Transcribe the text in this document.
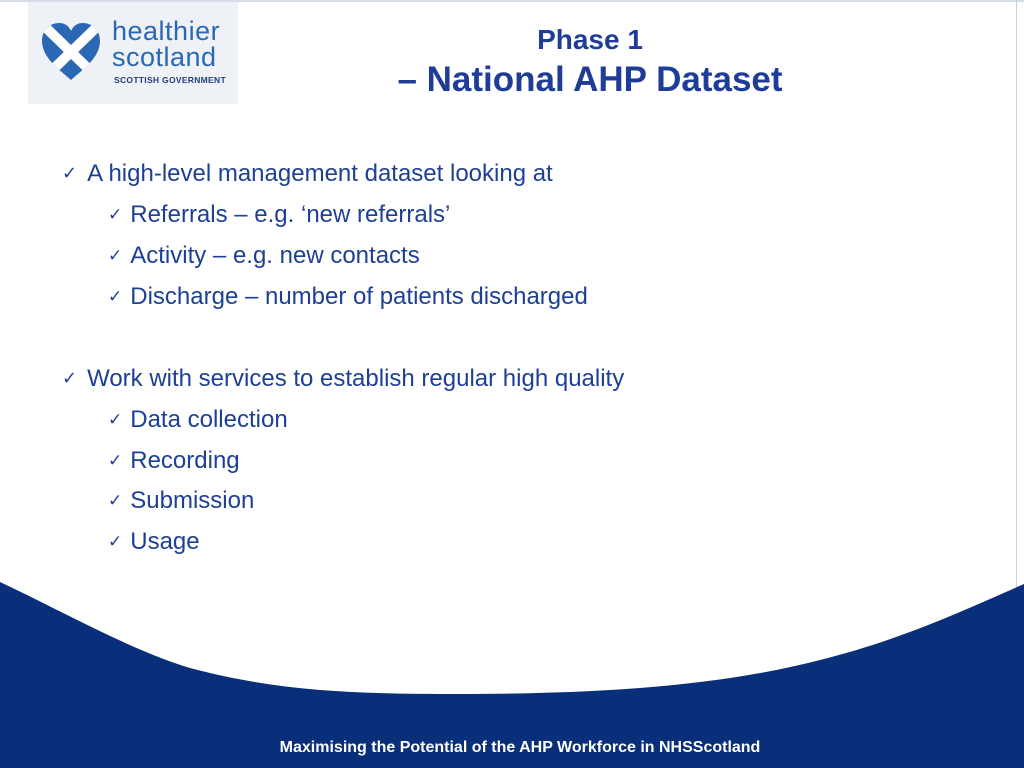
healthier
scotland
SCOTTISH GOVERNMENT
Phase 1
– National AHP Dataset
✓ A high-level management dataset looking at
✓ Referrals – e.g. ‘new referrals’
✓ Activity – e.g. new contacts
✓ Discharge – number of patients discharged
✓ Work with services to establish regular high quality
✓ Data collection
✓ Recording
✓ Submission
✓ Usage
Maximising the Potential of the AHP Workforce in NHSScotland
